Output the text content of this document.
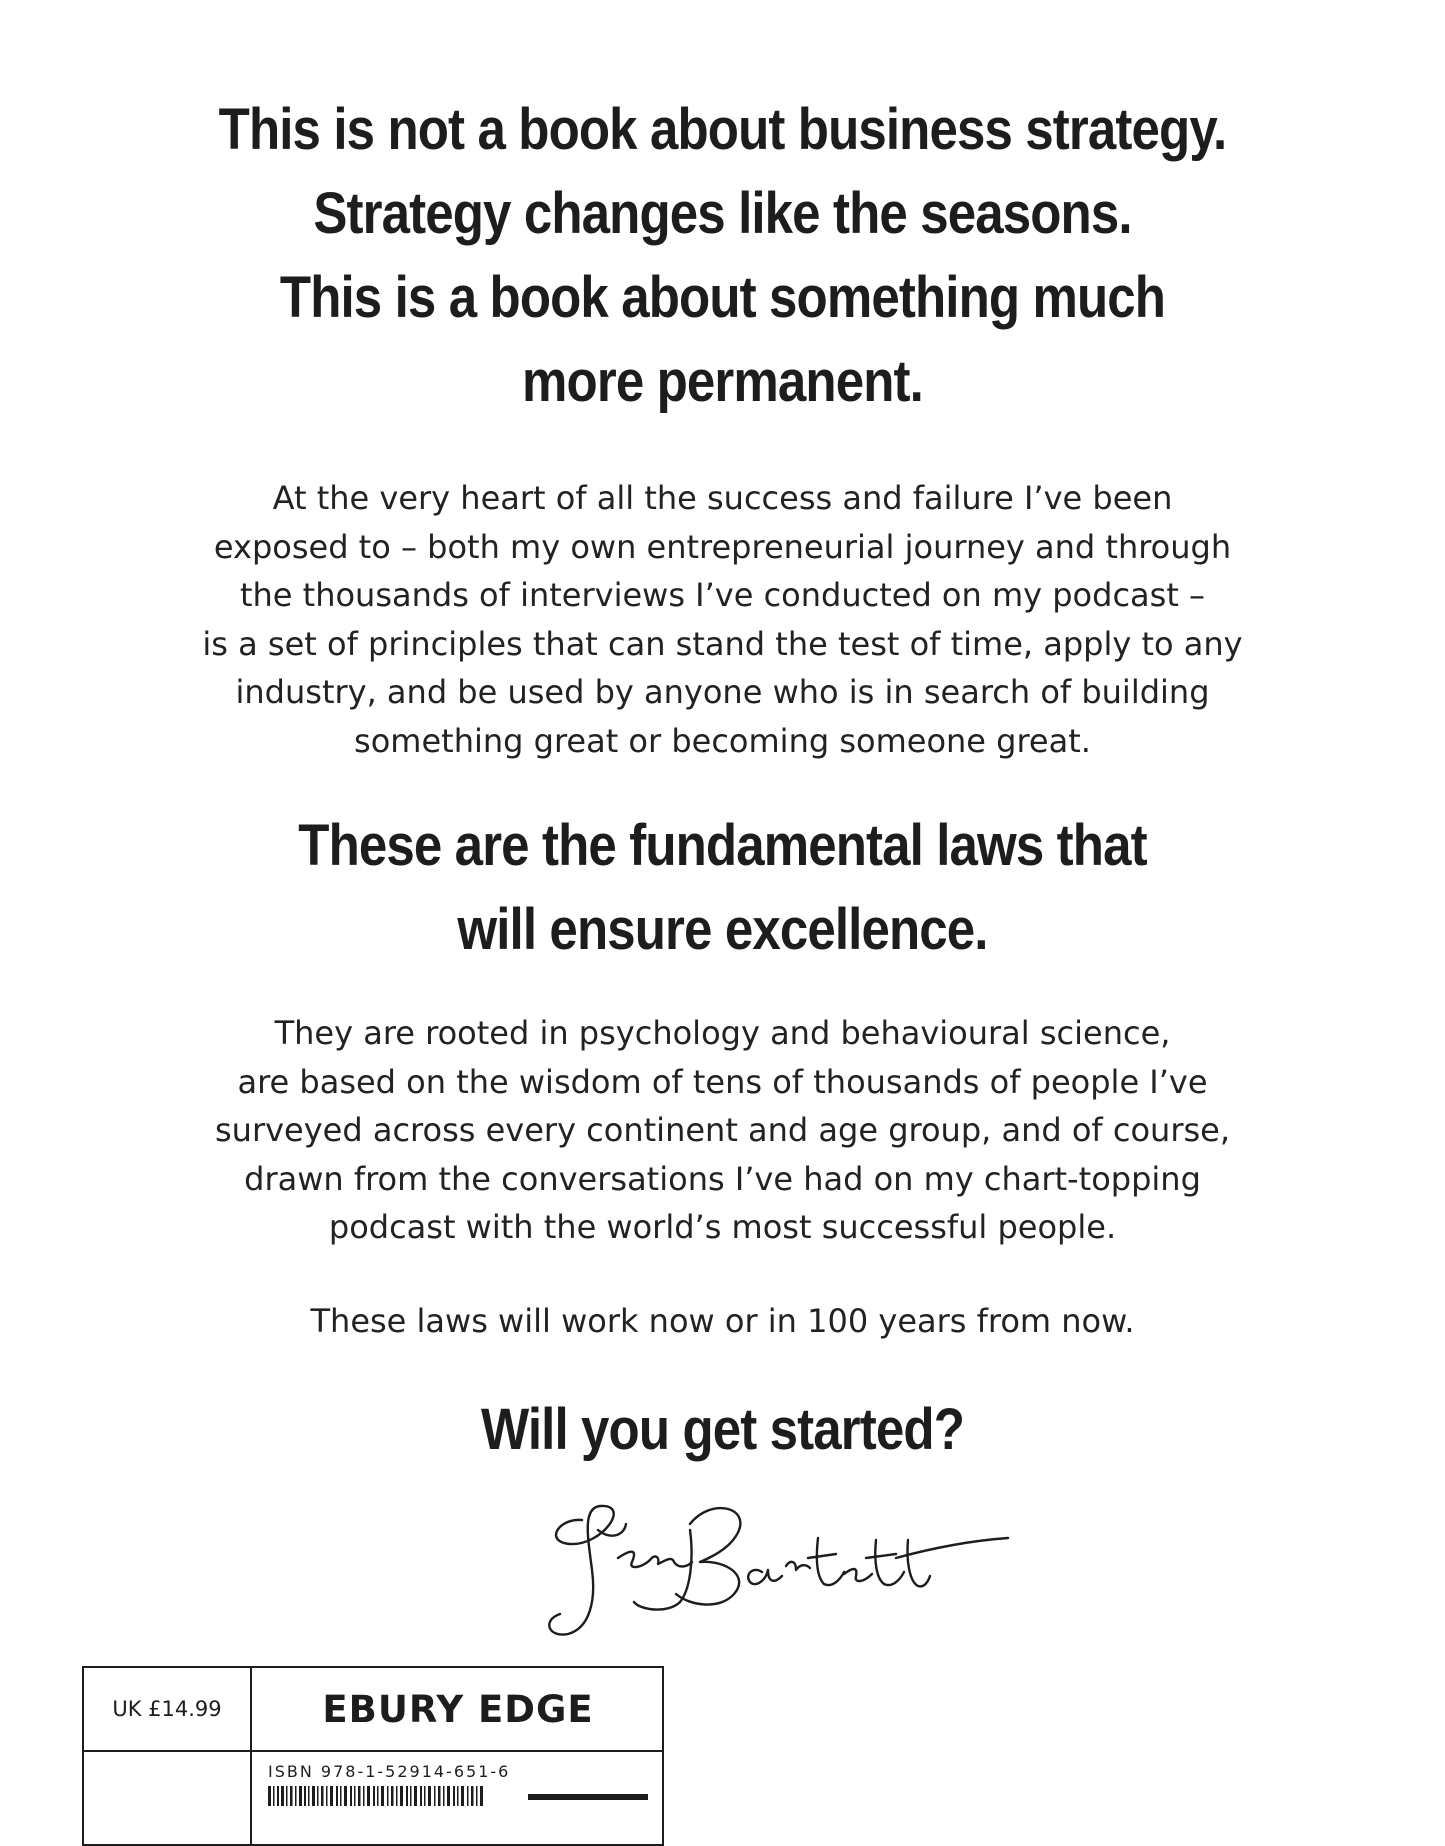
This is not a book about business strategy.
Strategy changes like the seasons.
This is a book about something much
more permanent.

At the very heart of all the success and failure I’ve been
exposed to – both my own entrepreneurial journey and through
the thousands of interviews I’ve conducted on my podcast –
is a set of principles that can stand the test of time, apply to any
industry, and be used by anyone who is in search of building
something great or becoming someone great.

These are the fundamental laws that
will ensure excellence.

They are rooted in psychology and behavioural science,
are based on the wisdom of tens of thousands of people I’ve
surveyed across every continent and age group, and of course,
drawn from the conversations I’ve had on my chart-topping
podcast with the world’s most successful people.

These laws will work now or in 100 years from now.

Will you get started?
UK £14.99	EBURY EDGE
ISBN 978-1-52914-651-6
